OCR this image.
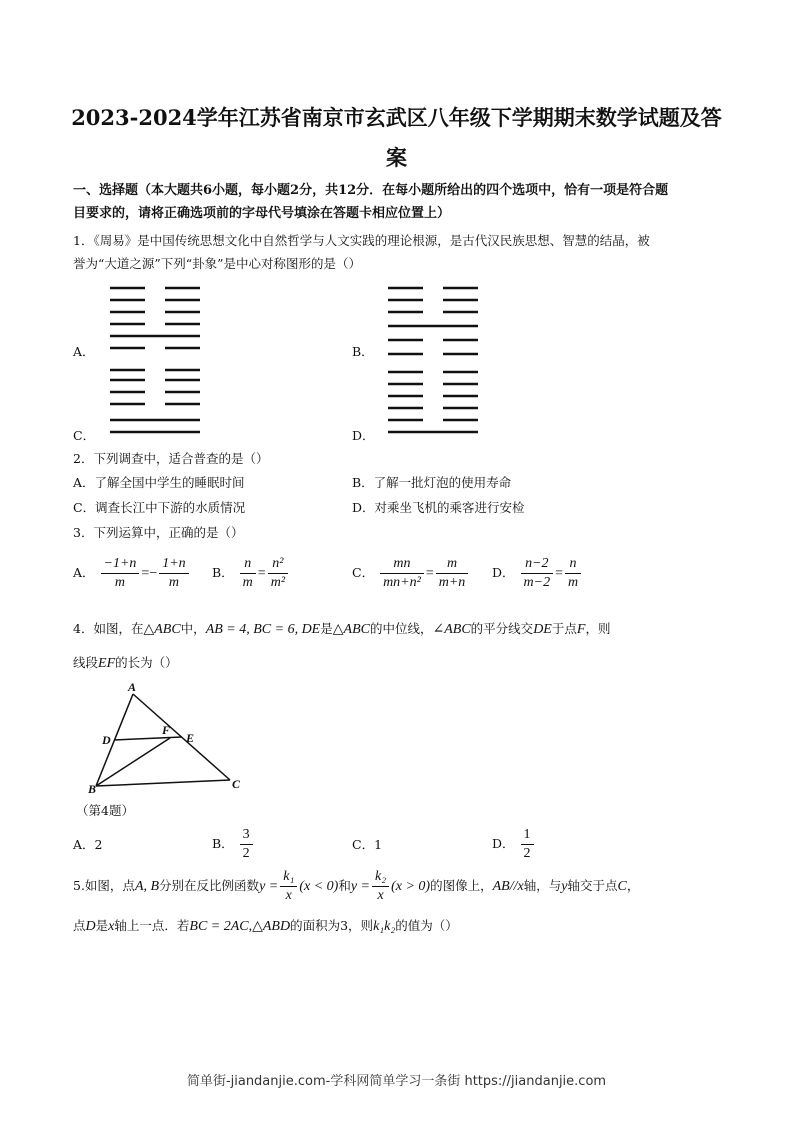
2023-2024学年江苏省南京市玄武区八年级下学期期末数学试题及答
案
一、选择题（本大题共6小题，每小题2分，共12分．在每小题所给出的四个选项中，恰有一项是符合题
目要求的，请将正确选项前的字母代号填涂在答题卡相应位置上）
1．《周易》是中国传统思想文化中自然哲学与人文实践的理论根源，是古代汉民族思想、智慧的结晶，被
誉为“大道之源”下列“卦象”是中心对称图形的是（）
A．	B．
C．	D．
2．下列调查中，适合普查的是（）
A．了解全国中学生的睡眠时间	B．了解一批灯泡的使用寿命
C．调查长江中下游的水质情况	D．对乘坐飞机的乘客进行安检
3．下列运算中，正确的是（）
A． $\frac{-1+n}{m} =- \frac{1+n}{m}$ B． $\frac{n}{m} = \frac{\text{n²}}{\text{m²}}$	C． $\frac{mn}{\text{mn+n²}} = \frac{m}{m+n}$ D． $\frac{n-2}{m-2} = \frac{n}{m}$
4．如图，在△ABC中，AB = 4, BC = 6, DE是△ABC的中位线，∠ABC的平分线交DE于点F，则
线段EF的长为（）
A
B	C
D	E
F
（第4题）
A．2	B． $\frac{3}{2}$	C．1	D． $\frac{1}{2}$
5.如图，点A, B分别在反比例函数$y = \frac{\text{k₁}}{x} (x < 0)$和$y = \frac{\text{k₂}}{x} (x > 0)$的图像上，AB//x轴，与y轴交于点C，
点D是x轴上一点．若BC = 2AC,△ABD的面积为3，则k₁k₂的值为（）
简单街-jiandanjie.com-学科网简单学习一条街 https://jiandanjie.com
